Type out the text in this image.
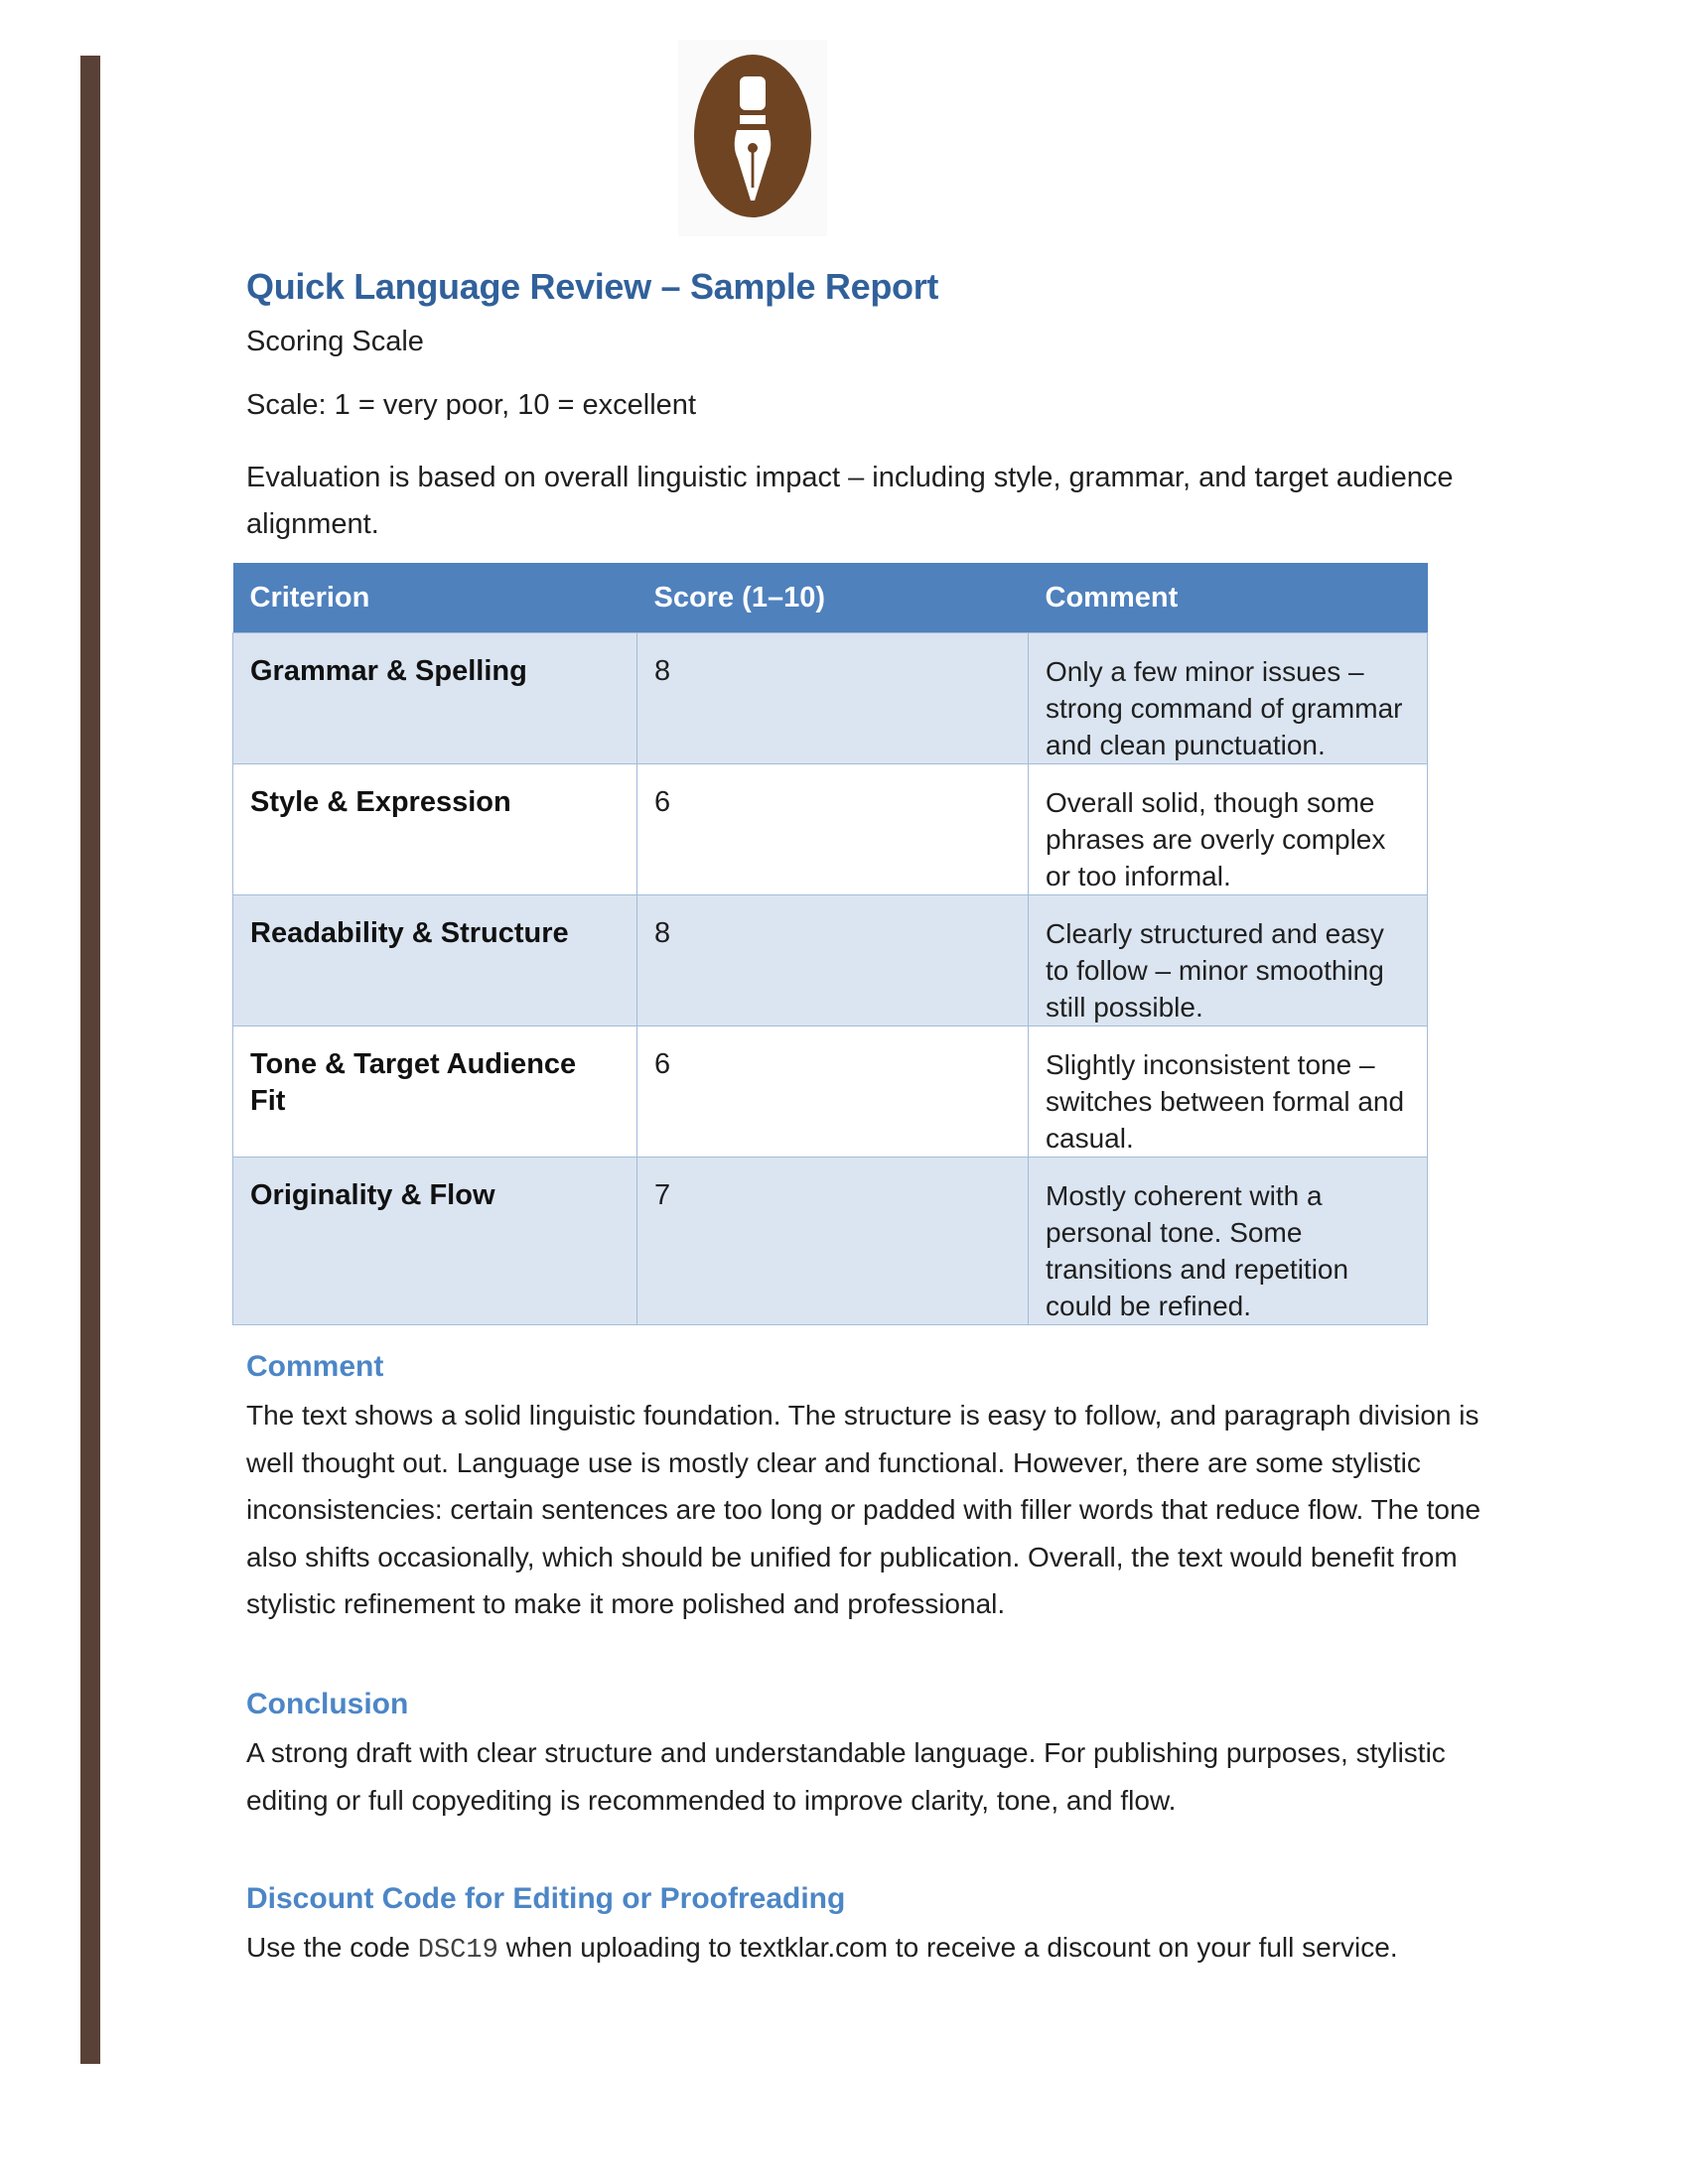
Quick Language Review – Sample Report
Scoring Scale
Scale: 1 = very poor, 10 = excellent
Evaluation is based on overall linguistic impact – including style, grammar, and target audience alignment.
Criterion	Score (1–10)	Comment
Grammar & Spelling	8	Only a few minor issues – strong command of grammar and clean punctuation.
Style & Expression	6	Overall solid, though some phrases are overly complex or too informal.
Readability & Structure	8	Clearly structured and easy to follow – minor smoothing still possible.
Tone & Target Audience Fit	6	Slightly inconsistent tone – switches between formal and casual.
Originality & Flow	7	Mostly coherent with a personal tone. Some transitions and repetition could be refined.
Comment
The text shows a solid linguistic foundation. The structure is easy to follow, and paragraph division is well thought out. Language use is mostly clear and functional. However, there are some stylistic inconsistencies: certain sentences are too long or padded with filler words that reduce flow. The tone also shifts occasionally, which should be unified for publication. Overall, the text would benefit from stylistic refinement to make it more polished and professional.
Conclusion
A strong draft with clear structure and understandable language. For publishing purposes, stylistic editing or full copyediting is recommended to improve clarity, tone, and flow.
Discount Code for Editing or Proofreading
Use the code DSC19 when uploading to textklar.com to receive a discount on your full service.
